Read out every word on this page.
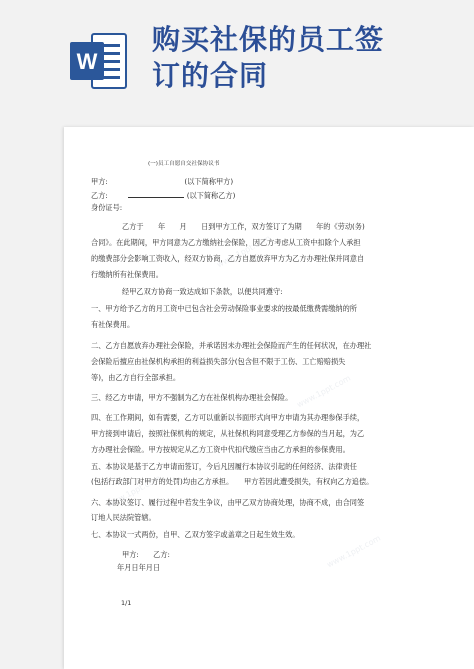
W
购买社保的员工签
订的合同
www.1ppt.com
www.1ppt.com
www.1ppt.com
www.1ppt.com
(一)员工自愿自交社保协议书
甲方:	(以下简称甲方)
乙方:	(以下简称乙方)
身份证号:
乙方于　　年　　月　　日到甲方工作，双方签订了为期　　年的《劳动(务)
合同》。在此期间，甲方同意为乙方缴纳社会保险，因乙方考虑从工资中扣除个人承担
的缴费部分会影响工资收入，经双方协商，乙方自愿放弃甲方为乙方办理社保并同意自
行缴纳所有社保费用。
经甲乙双方协商一致达成如下条款，以便共同遵守:
一、甲方给予乙方的月工资中已包含社会劳动保险事业要求的按最低缴费需缴纳的所
有社保费用。
二、乙方自愿放弃办理社会保险，并承诺因未办理社会保险而产生的任何状况，在办理社
会保险后擅应由社保机构承担的利益损失部分(包含但不限于工伤、工亡赔赔损失
等)，由乙方自行全部承担。
三、经乙方申请，甲方不强制为乙方在社保机构办理社会保险。
四、在工作期间，如有需要，乙方可以重新以书面形式向甲方申请为其办理参保手续，
甲方接到申请后，按照社保机构的规定，从社保机构同意受理乙方参保的当月起，为乙
方办理社会保险。甲方按规定从乙方工资中代扣代缴应当由乙方承担的参保费用。
五、本协议是基于乙方申请而签订，今后凡因履行本协议引起的任何经济、法律责任
(包括行政部门对甲方的处罚)均由乙方承担。　　甲方若因此遭受损失，有权向乙方追偿。
六、本协议签订、履行过程中若发生争议，由甲乙双方协商处理，协商不成，由合同签
订地人民法院管辖。
七、本协议一式两份，自甲、乙双方签字或盖章之日起生效生效。
甲方:　　乙方:
年月日年月日
1/1
